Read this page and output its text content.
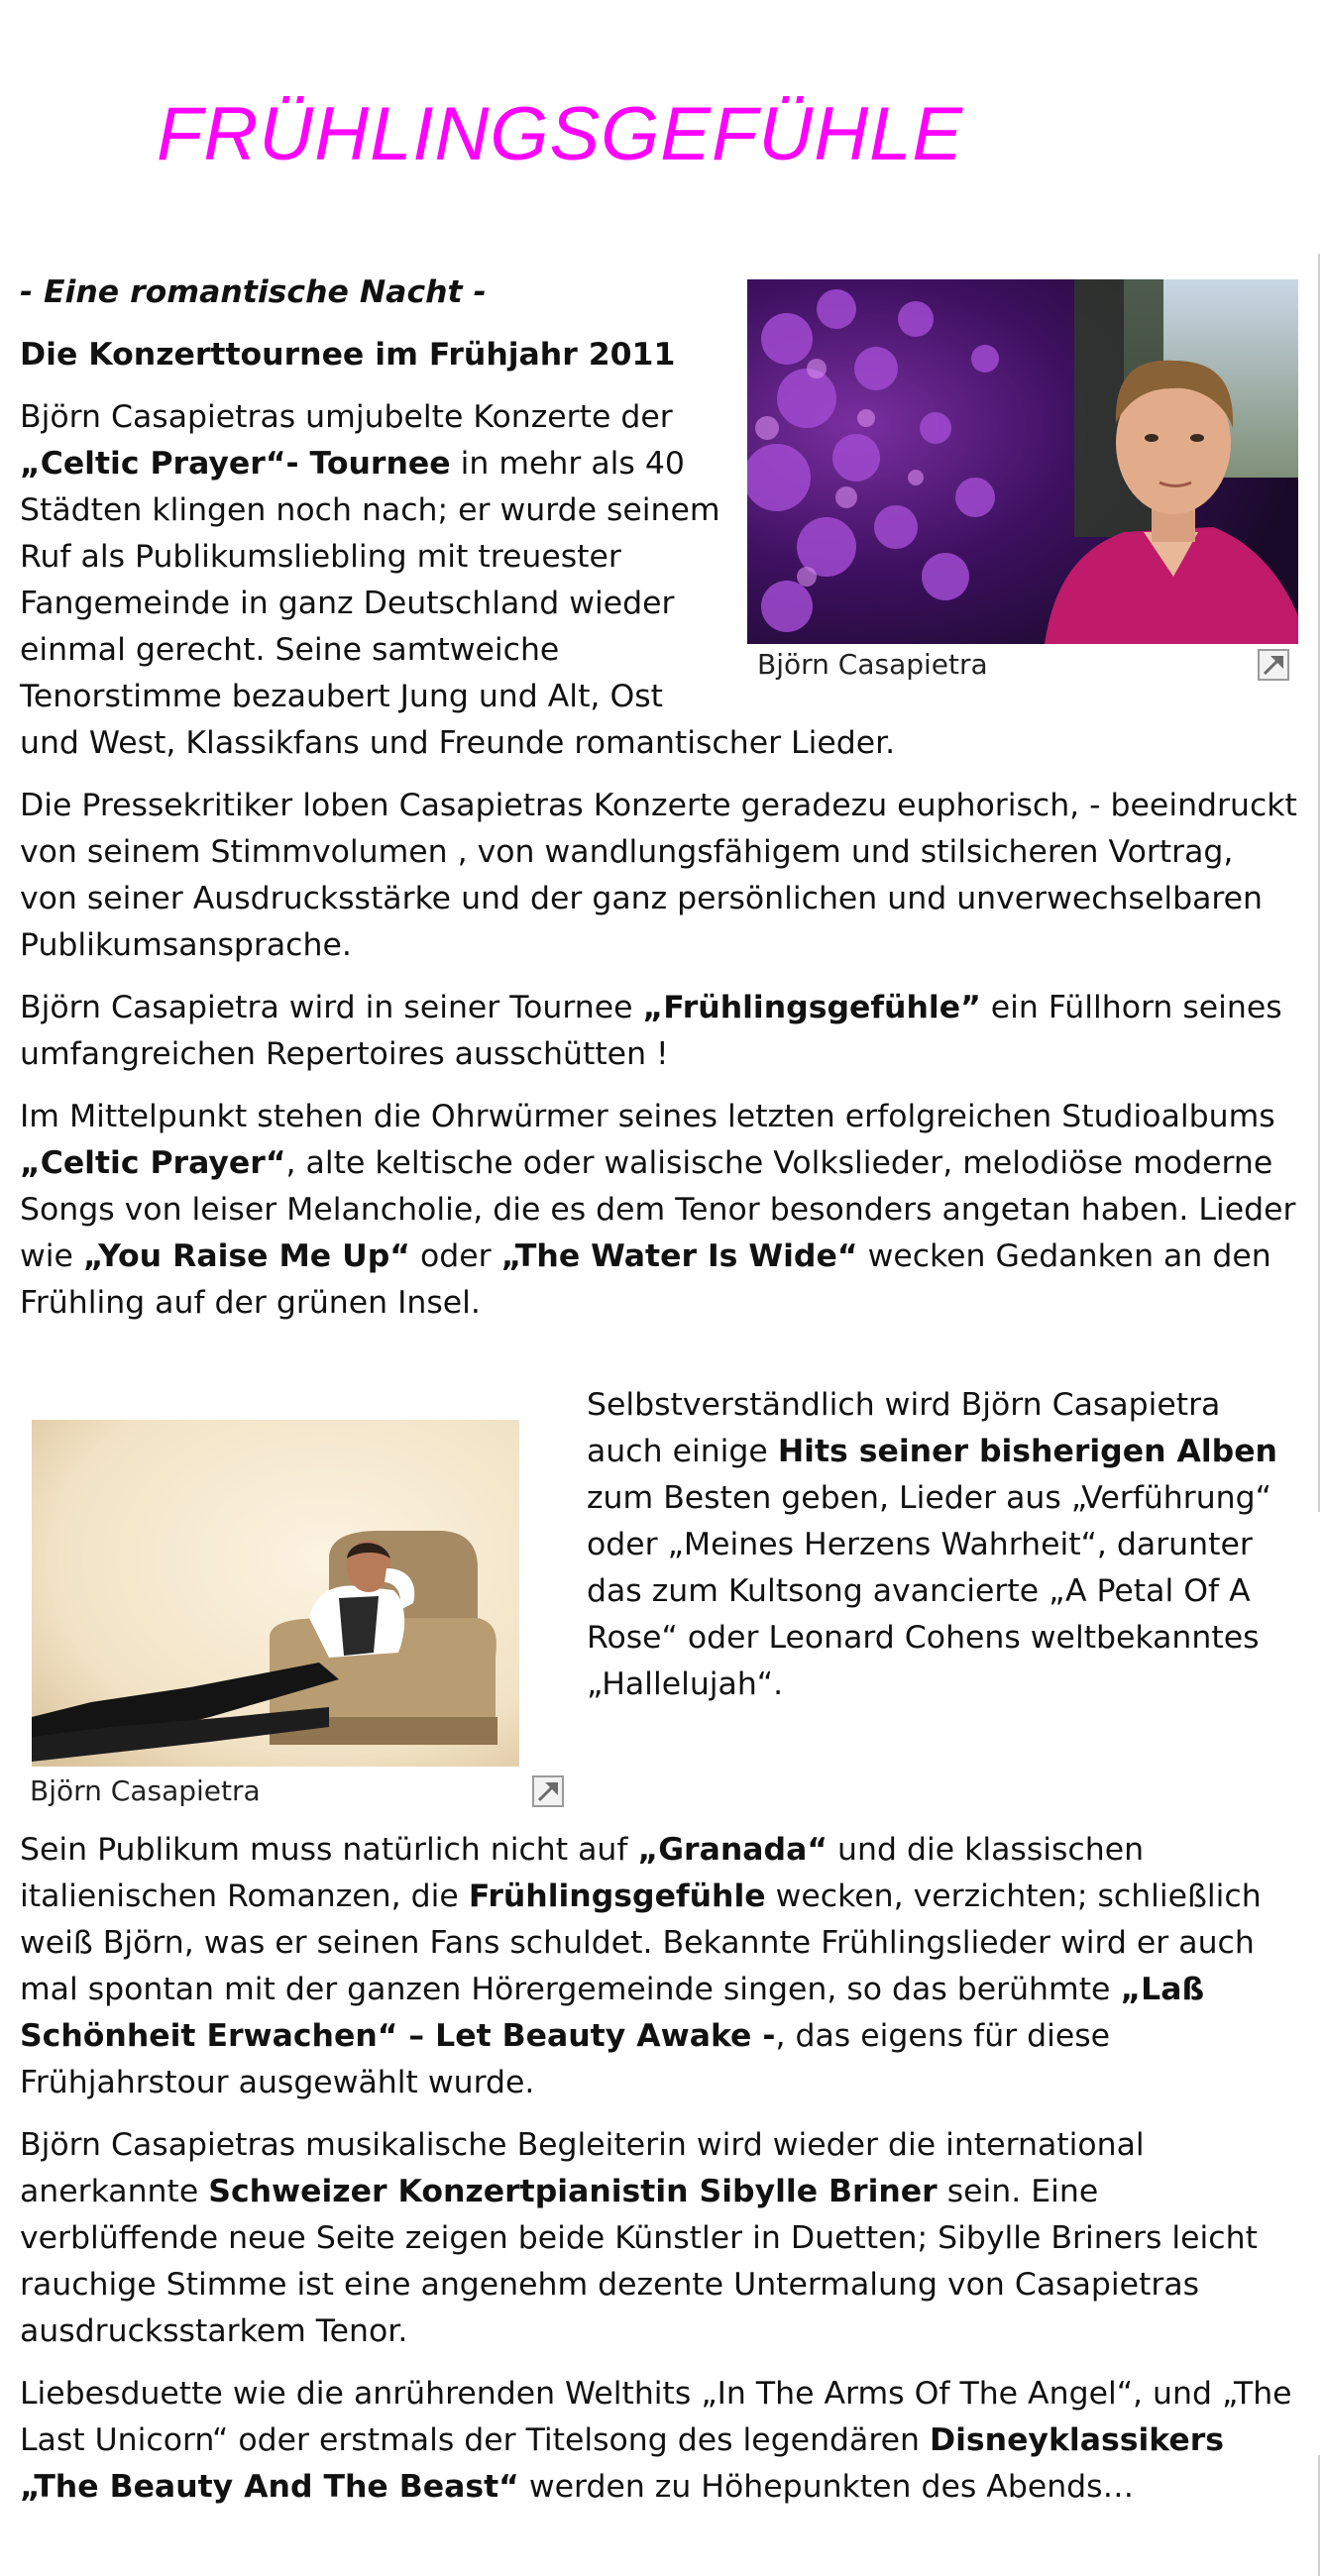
FRÜHLINGSGEFÜHLE
Björn Casapietra

- Eine romantische Nacht -

Die Konzerttournee im Frühjahr 2011

Björn Casapietras umjubelte Konzerte der „Celtic Prayer“- Tournee in mehr als 40 Städten klingen noch nach; er wurde seinem Ruf als Publikumsliebling mit treuester Fangemeinde in ganz Deutschland wieder einmal gerecht. Seine samtweiche Tenorstimme bezaubert Jung und Alt, Ost und West, Klassikfans und Freunde romantischer Lieder.

Die Pressekritiker loben Casapietras Konzerte geradezu euphorisch, - beeindruckt von seinem Stimmvolumen , von wandlungsfähigem und stilsicheren Vortrag, von seiner Ausdrucksstärke und der ganz persönlichen und unverwechselbaren Publikumsansprache.

Björn Casapietra wird in seiner Tournee „Frühlingsgefühle” ein Füllhorn seines umfangreichen Repertoires ausschütten !

Im Mittelpunkt stehen die Ohrwürmer seines letzten erfolgreichen Studioalbums „Celtic Prayer“, alte keltische oder walisische Volkslieder, melodiöse moderne Songs von leiser Melancholie, die es dem Tenor besonders angetan haben. Lieder wie „You Raise Me Up“ oder „The Water Is Wide“ wecken Gedanken an den Frühling auf der grünen Insel.

Björn Casapietra

Selbstverständlich wird Björn Casapietra auch einige Hits seiner bisherigen Alben zum Besten geben, Lieder aus „Verführung“ oder „Meines Herzens Wahrheit“, darunter das zum Kultsong avancierte „A Petal Of A Rose“ oder Leonard Cohens weltbekanntes „Hallelujah“.

Sein Publikum muss natürlich nicht auf „Granada“ und die klassischen italienischen Romanzen, die Frühlingsgefühle wecken, verzichten; schließlich weiß Björn, was er seinen Fans schuldet. Bekannte Frühlingslieder wird er auch mal spontan mit der ganzen Hörergemeinde singen, so das berühmte „Laß Schönheit Erwachen“ – Let Beauty Awake -, das eigens für diese Frühjahrstour ausgewählt wurde.

Björn Casapietras musikalische Begleiterin wird wieder die international anerkannte Schweizer Konzertpianistin Sibylle Briner sein. Eine verblüffende neue Seite zeigen beide Künstler in Duetten; Sibylle Briners leicht rauchige Stimme ist eine angenehm dezente Untermalung von Casapietras ausdrucksstarkem Tenor.

Liebesduette wie die anrührenden Welthits „In The Arms Of The Angel“, und „The Last Unicorn“ oder erstmals der Titelsong des legendären Disneyklassikers „The Beauty And The Beast“ werden zu Höhepunkten des Abends…
